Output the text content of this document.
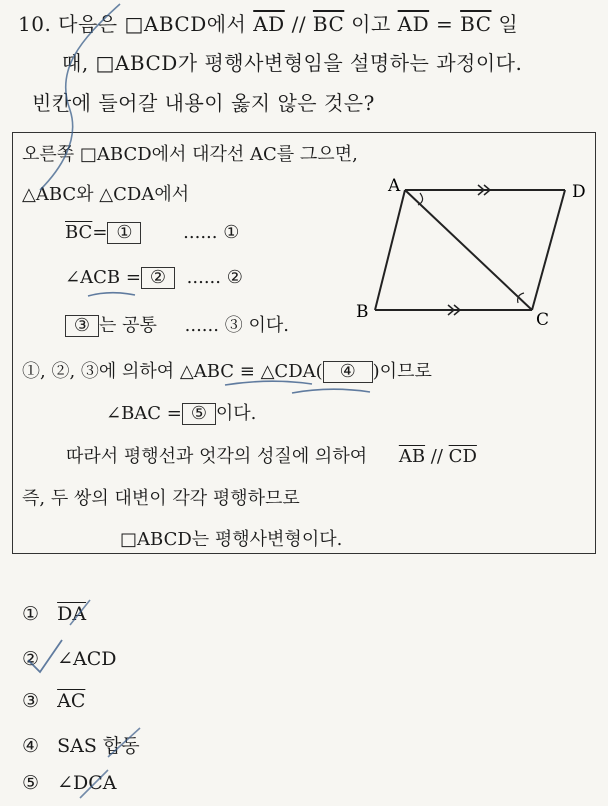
10. 다음은 □ABCD에서 $\overline{AD} // \overline{BC}$ 이고 $\overline{AD} = \overline{BC}$ 일
때, □ABCD가 평행사변형임을 설명하는 과정이다.
빈칸에 들어갈 내용이 옳지 않은 것은?
오른쪽 □ABCD에서 대각선 AC를 그으면,
△ABC와 △CDA에서
$\overline{BC}=$ ①	...... ①
∠ACB = ② ...... ②
③ 는 공통 ...... ③ 이다.
①, ②, ③에 의하여 △ABC ≡ △CDA( ④ )이므로
∠BAC = ⑤ 이다.
따라서 평행선과 엇각의 성질에 의하여 $\overline{AB} // \overline{CD}$
즉, 두 쌍의 대변이 각각 평행하므로
□ABCD는 평행사변형이다.
A	D
B	C
① $\overline{DA}$
② ∠ACD
③ $\overline{AC}$
④ SAS 합동
⑤ ∠DCA
